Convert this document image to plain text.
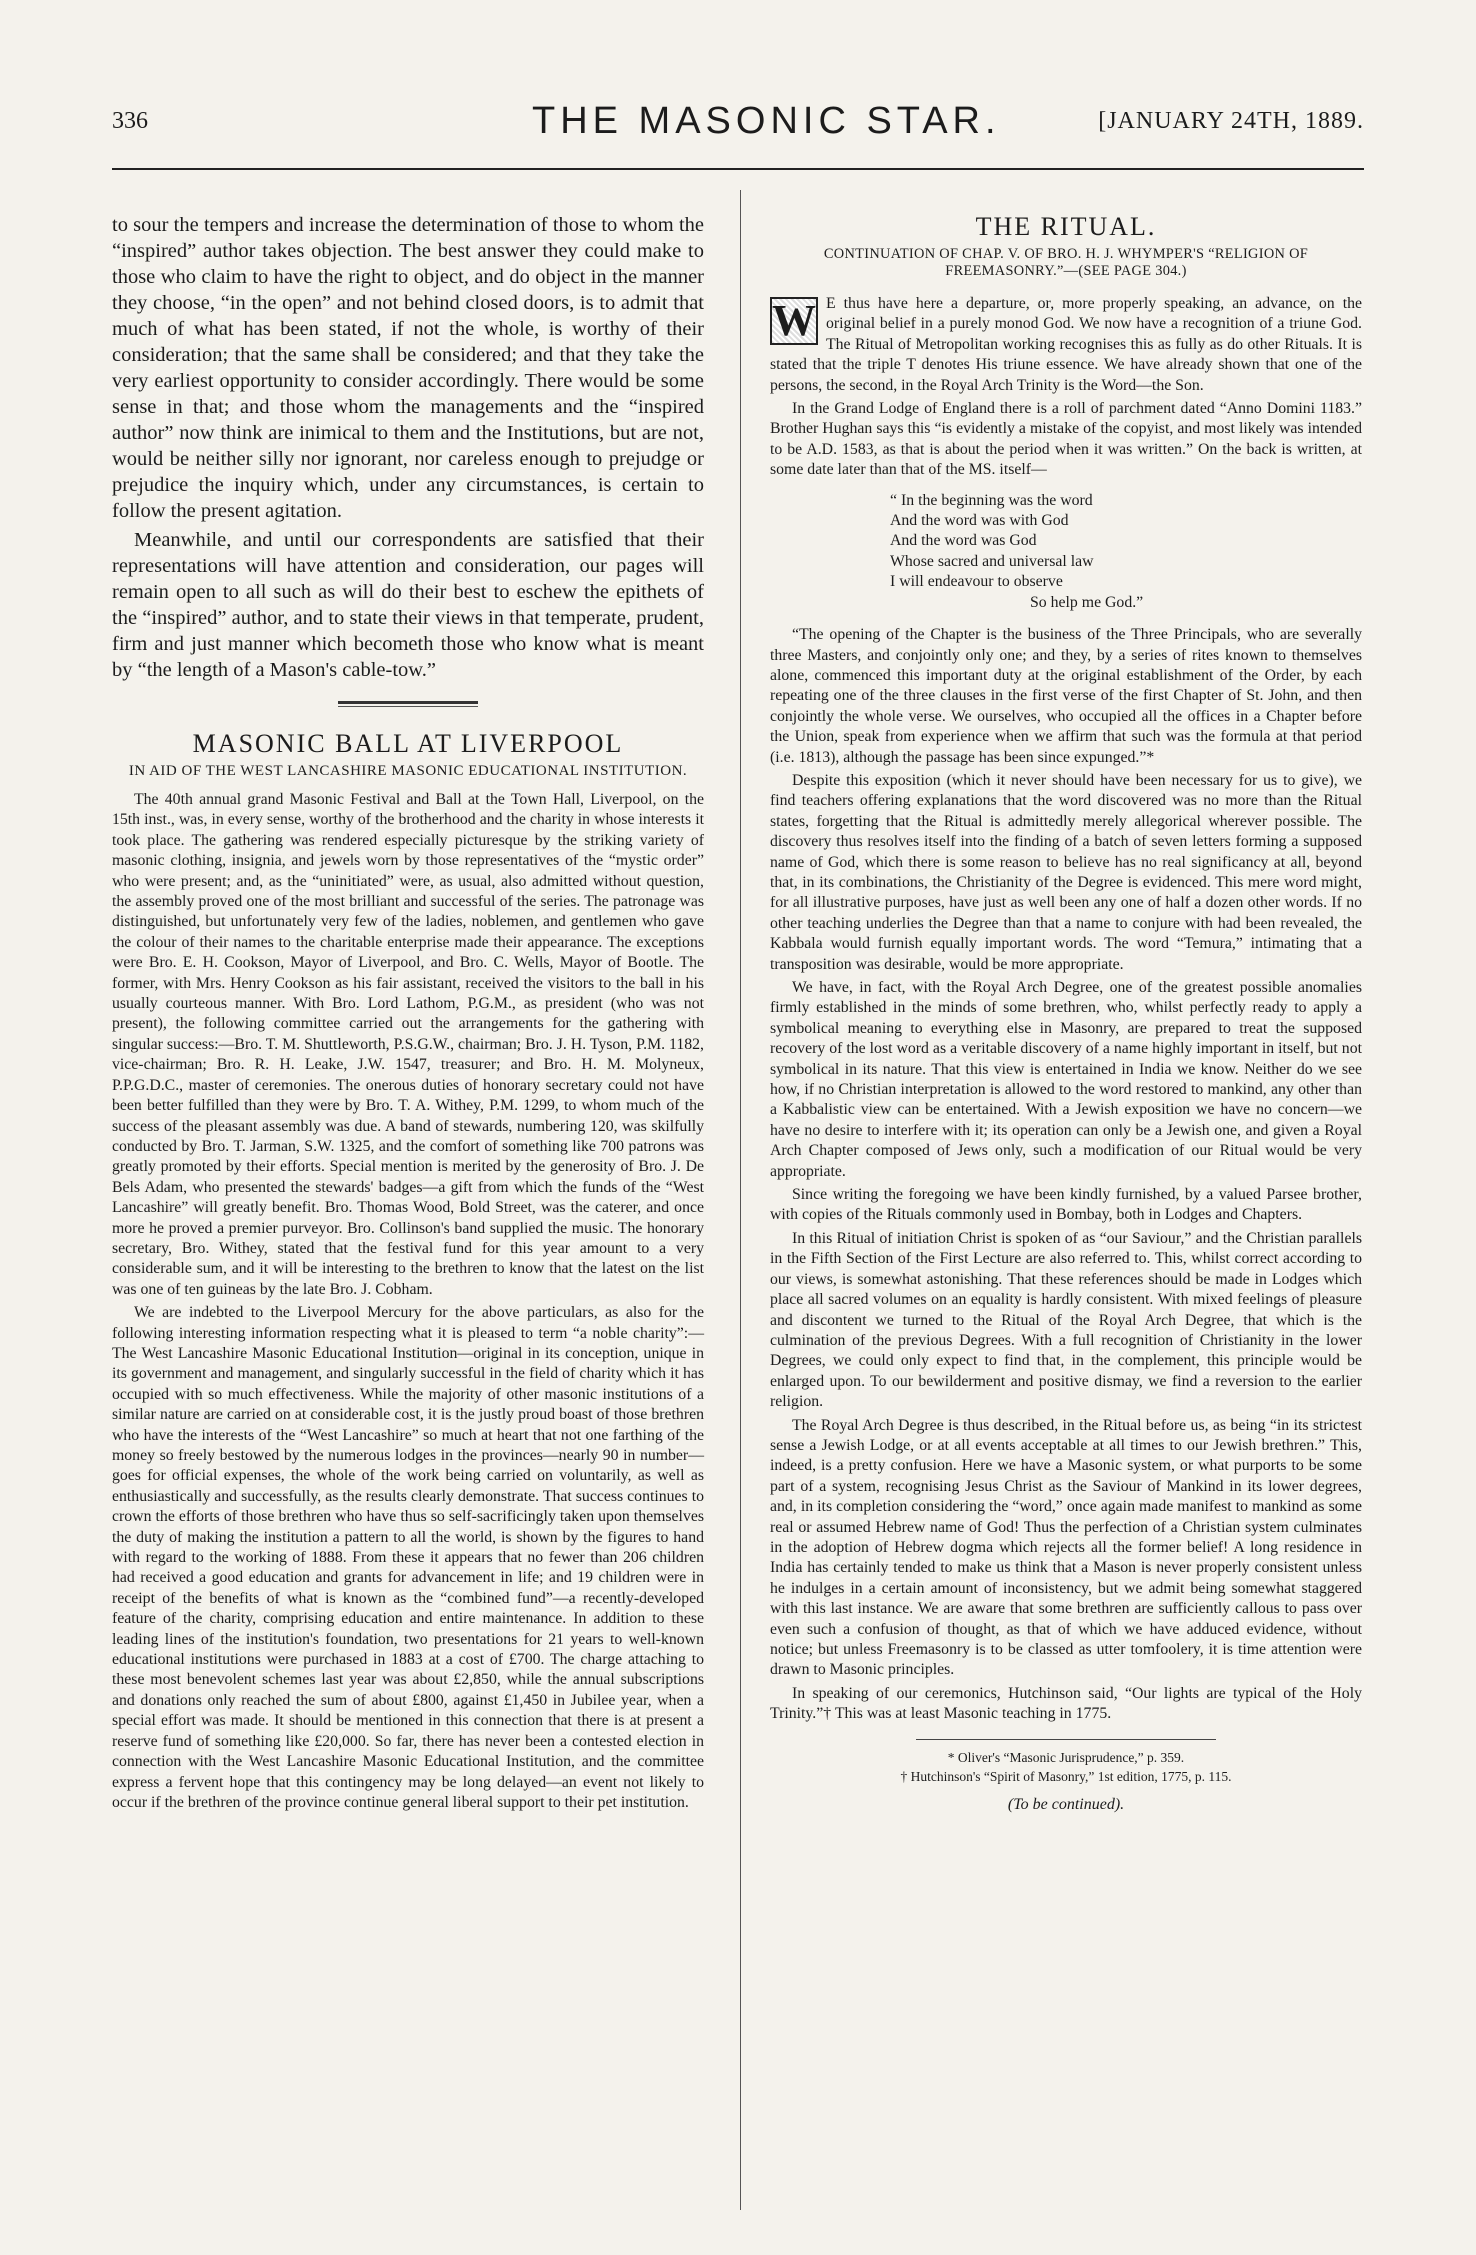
336	THE MASONIC STAR.	[JANUARY 24TH, 1889.

to sour the tempers and increase the determination of those to whom the “inspired” author takes objection. The best answer they could make to those who claim to have the right to object, and do object in the manner they choose, “in the open” and not behind closed doors, is to admit that much of what has been stated, if not the whole, is worthy of their consideration; that the same shall be considered; and that they take the very earliest opportunity to consider accordingly. There would be some sense in that; and those whom the managements and the “inspired author” now think are inimical to them and the Institutions, but are not, would be neither silly nor ignorant, nor careless enough to prejudge or prejudice the inquiry which, under any circumstances, is certain to follow the present agitation.

Meanwhile, and until our correspondents are satisfied that their representations will have attention and consideration, our pages will remain open to all such as will do their best to eschew the epithets of the “inspired” author, and to state their views in that temperate, prudent, firm and just manner which becometh those who know what is meant by “the length of a Mason's cable-tow.”

MASONIC BALL AT LIVERPOOL
IN AID OF THE WEST LANCASHIRE MASONIC EDUCATIONAL INSTITUTION.

The 40th annual grand Masonic Festival and Ball at the Town Hall, Liverpool, on the 15th inst., was, in every sense, worthy of the brotherhood and the charity in whose interests it took place. The gathering was rendered especially picturesque by the striking variety of masonic clothing, insignia, and jewels worn by those representatives of the “mystic order” who were present; and, as the “uninitiated” were, as usual, also admitted without question, the assembly proved one of the most brilliant and successful of the series. The patronage was distinguished, but unfortunately very few of the ladies, noblemen, and gentlemen who gave the colour of their names to the charitable enterprise made their appearance. The exceptions were Bro. E. H. Cookson, Mayor of Liverpool, and Bro. C. Wells, Mayor of Bootle. The former, with Mrs. Henry Cookson as his fair assistant, received the visitors to the ball in his usually courteous manner. With Bro. Lord Lathom, P.G.M., as president (who was not present), the following committee carried out the arrangements for the gathering with singular success:—Bro. T. M. Shuttleworth, P.S.G.W., chairman; Bro. J. H. Tyson, P.M. 1182, vice-chairman; Bro. R. H. Leake, J.W. 1547, treasurer; and Bro. H. M. Molyneux, P.P.G.D.C., master of ceremonies. The onerous duties of honorary secretary could not have been better fulfilled than they were by Bro. T. A. Withey, P.M. 1299, to whom much of the success of the pleasant assembly was due. A band of stewards, numbering 120, was skilfully conducted by Bro. T. Jarman, S.W. 1325, and the comfort of something like 700 patrons was greatly promoted by their efforts. Special mention is merited by the generosity of Bro. J. De Bels Adam, who presented the stewards' badges—a gift from which the funds of the “West Lancashire” will greatly benefit. Bro. Thomas Wood, Bold Street, was the caterer, and once more he proved a premier purveyor. Bro. Collinson's band supplied the music. The honorary secretary, Bro. Withey, stated that the festival fund for this year amount to a very considerable sum, and it will be interesting to the brethren to know that the latest on the list was one of ten guineas by the late Bro. J. Cobham.

We are indebted to the Liverpool Mercury for the above particulars, as also for the following interesting information respecting what it is pleased to term “a noble charity”:—The West Lancashire Masonic Educational Institution—original in its conception, unique in its government and management, and singularly successful in the field of charity which it has occupied with so much effectiveness. While the majority of other masonic institutions of a similar nature are carried on at considerable cost, it is the justly proud boast of those brethren who have the interests of the “West Lancashire” so much at heart that not one farthing of the money so freely bestowed by the numerous lodges in the provinces—nearly 90 in number—goes for official expenses, the whole of the work being carried on voluntarily, as well as enthusiastically and successfully, as the results clearly demonstrate. That success continues to crown the efforts of those brethren who have thus so self-sacrificingly taken upon themselves the duty of making the institution a pattern to all the world, is shown by the figures to hand with regard to the working of 1888. From these it appears that no fewer than 206 children had received a good education and grants for advancement in life; and 19 children were in receipt of the benefits of what is known as the “combined fund”—a recently-developed feature of the charity, comprising education and entire maintenance. In addition to these leading lines of the institution's foundation, two presentations for 21 years to well-known educational institutions were purchased in 1883 at a cost of £700. The charge attaching to these most benevolent schemes last year was about £2,850, while the annual subscriptions and donations only reached the sum of about £800, against £1,450 in Jubilee year, when a special effort was made. It should be mentioned in this connection that there is at present a reserve fund of something like £20,000. So far, there has never been a contested election in connection with the West Lancashire Masonic Educational Institution, and the committee express a fervent hope that this contingency may be long delayed—an event not likely to occur if the brethren of the province continue general liberal support to their pet institution.

THE RITUAL.
CONTINUATION OF CHAP. V. OF BRO. H. J. WHYMPER'S “RELIGION OF FREEMASONRY.”—(SEE PAGE 304.)

W E thus have here a departure, or, more properly speaking, an advance, on the original belief in a purely monod God. We now have a recognition of a triune God. The Ritual of Metropolitan working recognises this as fully as do other Rituals. It is stated that the triple T denotes His triune essence. We have already shown that one of the persons, the second, in the Royal Arch Trinity is the Word—the Son.

In the Grand Lodge of England there is a roll of parchment dated “Anno Domini 1183.” Brother Hughan says this “is evidently a mistake of the copyist, and most likely was intended to be A.D. 1583, as that is about the period when it was written.” On the back is written, at some date later than that of the MS. itself—

“ In the beginning was the word
And the word was with God
And the word was God
Whose sacred and universal law
I will endeavour to observe
So help me God.”

“The opening of the Chapter is the business of the Three Principals, who are severally three Masters, and conjointly only one; and they, by a series of rites known to themselves alone, commenced this important duty at the original establishment of the Order, by each repeating one of the three clauses in the first verse of the first Chapter of St. John, and then conjointly the whole verse. We ourselves, who occupied all the offices in a Chapter before the Union, speak from experience when we affirm that such was the formula at that period (i.e. 1813), although the passage has been since expunged.”*

Despite this exposition (which it never should have been necessary for us to give), we find teachers offering explanations that the word discovered was no more than the Ritual states, forgetting that the Ritual is admittedly merely allegorical wherever possible. The discovery thus resolves itself into the finding of a batch of seven letters forming a supposed name of God, which there is some reason to believe has no real significancy at all, beyond that, in its combinations, the Christianity of the Degree is evidenced. This mere word might, for all illustrative purposes, have just as well been any one of half a dozen other words. If no other teaching underlies the Degree than that a name to conjure with had been revealed, the Kabbala would furnish equally important words. The word “Temura,” intimating that a transposition was desirable, would be more appropriate.

We have, in fact, with the Royal Arch Degree, one of the greatest possible anomalies firmly established in the minds of some brethren, who, whilst perfectly ready to apply a symbolical meaning to everything else in Masonry, are prepared to treat the supposed recovery of the lost word as a veritable discovery of a name highly important in itself, but not symbolical in its nature. That this view is entertained in India we know. Neither do we see how, if no Christian interpretation is allowed to the word restored to mankind, any other than a Kabbalistic view can be entertained. With a Jewish exposition we have no concern—we have no desire to interfere with it; its operation can only be a Jewish one, and given a Royal Arch Chapter composed of Jews only, such a modification of our Ritual would be very appropriate.

Since writing the foregoing we have been kindly furnished, by a valued Parsee brother, with copies of the Rituals commonly used in Bombay, both in Lodges and Chapters.

In this Ritual of initiation Christ is spoken of as “our Saviour,” and the Christian parallels in the Fifth Section of the First Lecture are also referred to. This, whilst correct according to our views, is somewhat astonishing. That these references should be made in Lodges which place all sacred volumes on an equality is hardly consistent. With mixed feelings of pleasure and discontent we turned to the Ritual of the Royal Arch Degree, that which is the culmination of the previous Degrees. With a full recognition of Christianity in the lower Degrees, we could only expect to find that, in the complement, this principle would be enlarged upon. To our bewilderment and positive dismay, we find a reversion to the earlier religion.

The Royal Arch Degree is thus described, in the Ritual before us, as being “in its strictest sense a Jewish Lodge, or at all events acceptable at all times to our Jewish brethren.” This, indeed, is a pretty confusion. Here we have a Masonic system, or what purports to be some part of a system, recognising Jesus Christ as the Saviour of Mankind in its lower degrees, and, in its completion considering the “word,” once again made manifest to mankind as some real or assumed Hebrew name of God! Thus the perfection of a Christian system culminates in the adoption of Hebrew dogma which rejects all the former belief! A long residence in India has certainly tended to make us think that a Mason is never properly consistent unless he indulges in a certain amount of inconsistency, but we admit being somewhat staggered with this last instance. We are aware that some brethren are sufficiently callous to pass over even such a confusion of thought, as that of which we have adduced evidence, without notice; but unless Freemasonry is to be classed as utter tomfoolery, it is time attention were drawn to Masonic principles.

In speaking of our ceremonics, Hutchinson said, “Our lights are typical of the Holy Trinity.”† This was at least Masonic teaching in 1775.

* Oliver's “Masonic Jurisprudence,” p. 359.
† Hutchinson's “Spirit of Masonry,” 1st edition, 1775, p. 115.
(To be continued).
